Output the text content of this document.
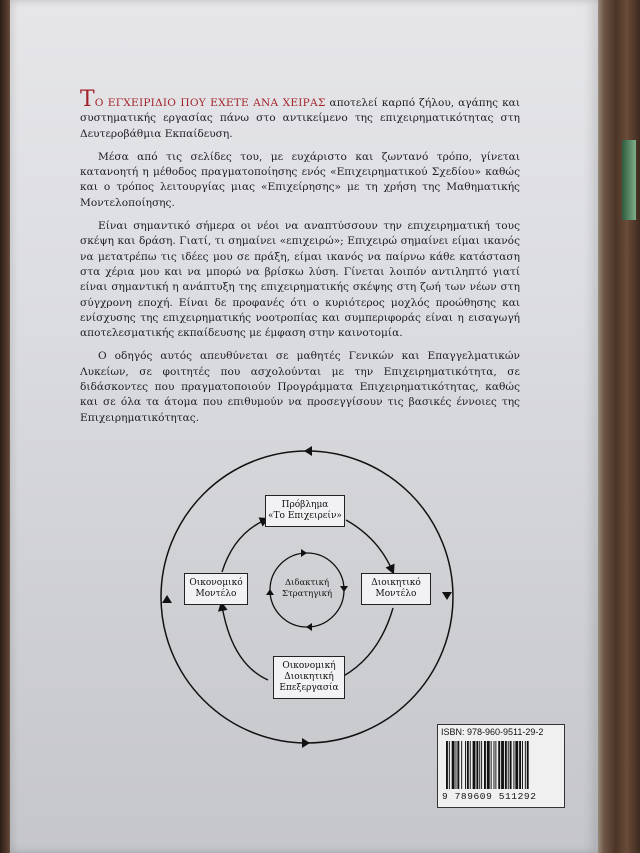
ΤΟ ΕΓΧΕΙΡΙΔΙΟ ΠΟΥ ΕΧΕΤΕ ΑΝΑ ΧΕΙΡΑΣ αποτελεί καρπό ζήλου, αγάπης και συστηματικής εργασίας πάνω στο αντικείμενο της επιχειρηματικότητας στη Δευτεροβάθμια Εκπαίδευση.

Μέσα από τις σελίδες του, με ευχάριστο και ζωντανό τρόπο, γίνεται κατανοητή η μέθοδος πραγματοποίησης ενός «Επιχειρηματικού Σχεδίου» καθώς και ο τρόπος λειτουργίας μιας «Επιχείρησης» με τη χρήση της Μαθηματικής Μοντελοποίησης.

Είναι σημαντικό σήμερα οι νέοι να αναπτύσσουν την επιχειρηματική τους σκέψη και δράση. Γιατί, τι σημαίνει «επιχειρώ»; Επιχειρώ σημαίνει είμαι ικανός να μετατρέπω τις ιδέες μου σε πράξη, είμαι ικανός να παίρνω κάθε κατάσταση στα χέρια μου και να μπορώ να βρίσκω λύση. Γίνεται λοιπόν αντιληπτό γιατί είναι σημαντική η ανάπτυξη της επιχειρηματικής σκέψης στη ζωή των νέων στη σύγχρονη εποχή. Είναι δε προφανές ότι ο κυριότερος μοχλός προώθησης και ενίσχυσης της επιχειρηματικής νοοτροπίας και συμπεριφοράς είναι η εισαγωγή αποτελεσματικής εκπαίδευσης με έμφαση στην καινοτομία.

Ο οδηγός αυτός απευθύνεται σε μαθητές Γενικών και Επαγγελματικών Λυκείων, σε φοιτητές που ασχολούνται με την Επιχειρηματικότητα, σε διδάσκοντες που πραγματοποιούν Προγράμματα Επιχειρηματικότητας, καθώς και σε όλα τα άτομα που επιθυμούν να προσεγγίσουν τις βασικές έννοιες της Επιχειρηματικότητας.

Πρόβλημα
«Το Επιχειρείν»
Οικονομικό
Μοντέλο
Διοικητικό
Μοντέλο
Οικονομική
Διοικητική
Επεξεργασία
Διδακτική
Στρατηγική
ISBN: 978-960-9511-29-2
9 789609 511292
